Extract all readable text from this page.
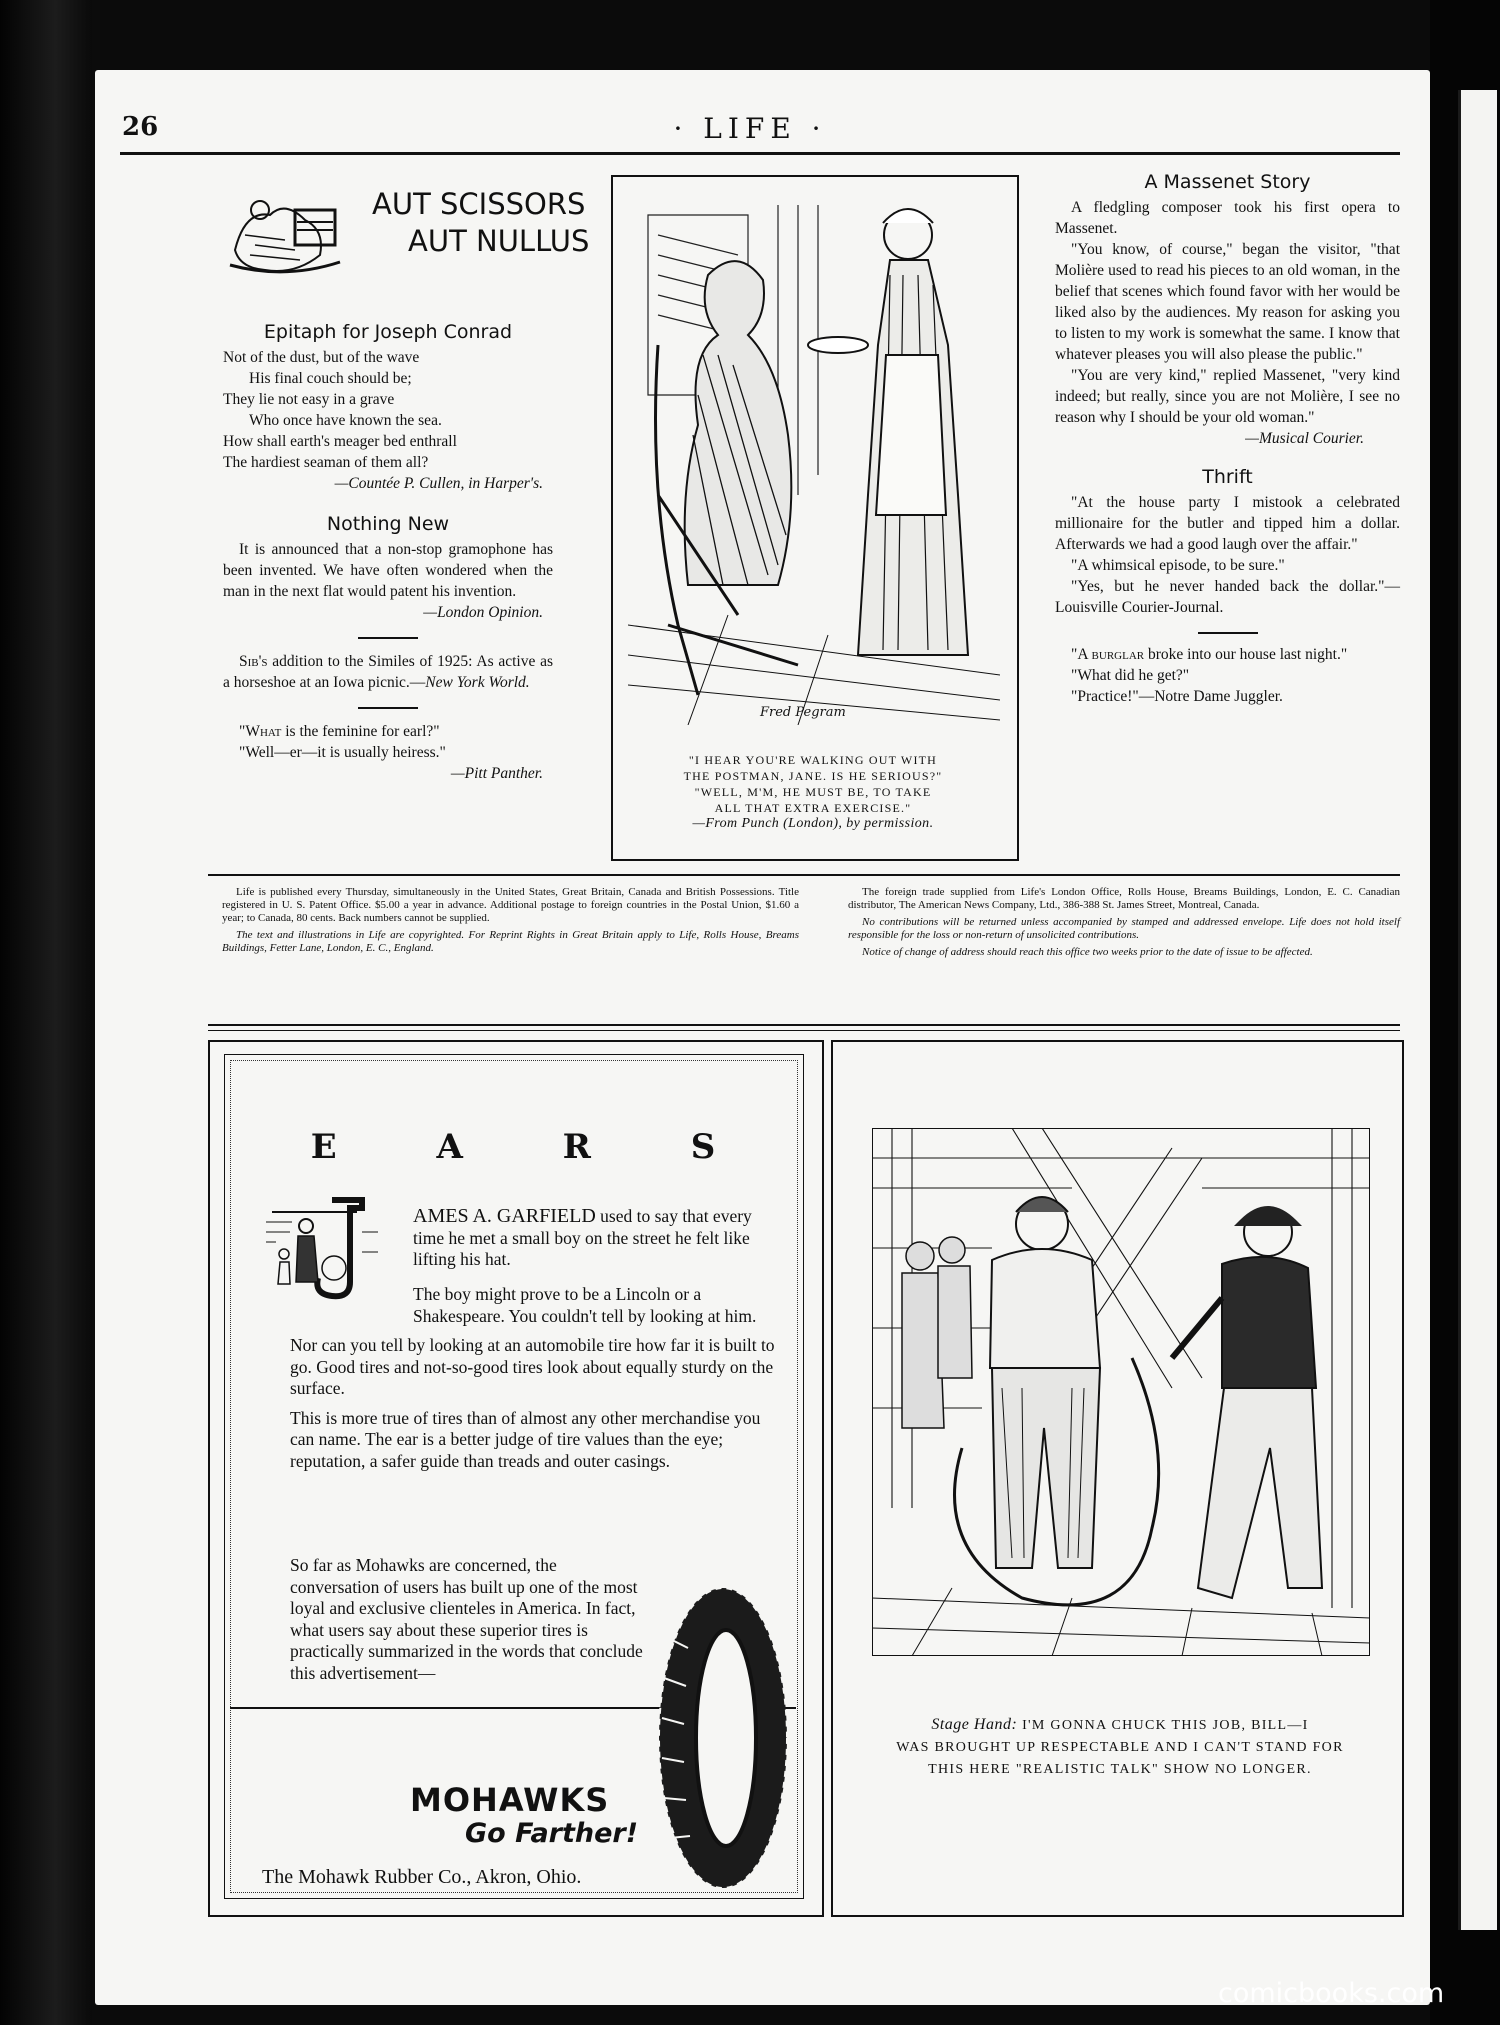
26	· LIFE ·
AUT SCISSORS
AUT NULLUS
Epitaph for Joseph Conrad
Not of the dust, but of the wave
His final couch should be;
They lie not easy in a grave
Who once have known the sea.
How shall earth's meager bed enthrall
The hardiest seaman of them all?

—Countée P. Cullen, in Harper's.

Nothing New

It is announced that a non-stop gramophone has been invented. We have often wondered when the man in the next flat would patent his invention.

—London Opinion.

Sib's addition to the Similes of 1925: As active as a horseshoe at an Iowa picnic.—New York World.

"What is the feminine for earl?"

"Well—er—it is usually heiress."

—Pitt Panther.

Fred Pegram
"I HEAR YOU'RE WALKING OUT WITH
THE POSTMAN, JANE. IS HE SERIOUS?"
"WELL, M'M, HE MUST BE, TO TAKE
ALL THAT EXTRA EXERCISE."
—From Punch (London), by permission.
A Massenet Story

A fledgling composer took his first opera to Massenet.

"You know, of course," began the visitor, "that Molière used to read his pieces to an old woman, in the belief that scenes which found favor with her would be liked also by the audiences. My reason for asking you to listen to my work is somewhat the same. I know that whatever pleases you will also please the public."

"You are very kind," replied Massenet, "very kind indeed; but really, since you are not Molière, I see no reason why I should be your old woman."

—Musical Courier.

Thrift

"At the house party I mistook a celebrated millionaire for the butler and tipped him a dollar. Afterwards we had a good laugh over the affair."

"A whimsical episode, to be sure."

"Yes, but he never handed back the dollar."—Louisville Courier-Journal.

"A burglar broke into our house last night."

"What did he get?"

"Practice!"—Notre Dame Juggler.

Life is published every Thursday, simultaneously in the United States, Great Britain, Canada and British Possessions. Title registered in U. S. Patent Office. $5.00 a year in advance. Additional postage to foreign countries in the Postal Union, $1.60 a year; to Canada, 80 cents. Back numbers cannot be supplied.

The text and illustrations in Life are copyrighted. For Reprint Rights in Great Britain apply to Life, Rolls House, Breams Buildings, Fetter Lane, London, E. C., England.

The foreign trade supplied from Life's London Office, Rolls House, Breams Buildings, London, E. C. Canadian distributor, The American News Company, Ltd., 386-388 St. James Street, Montreal, Canada.

No contributions will be returned unless accompanied by stamped and addressed envelope. Life does not hold itself responsible for the loss or non-return of unsolicited contributions.

Notice of change of address should reach this office two weeks prior to the date of issue to be affected.

E A R S
AMES A. GARFIELD used to say that every time he met a small boy on the street he felt like lifting his hat.

The boy might prove to be a Lincoln or a Shakespeare. You couldn't tell by looking at him.

Nor can you tell by looking at an automobile tire how far it is built to go. Good tires and not-so-good tires look about equally sturdy on the surface.

This is more true of tires than of almost any other merchandise you can name. The ear is a better judge of tire values than the eye; reputation, a safer guide than treads and outer casings.

So far as Mohawks are concerned, the conversation of users has built up one of the most loyal and exclusive clienteles in America. In fact, what users say about these superior tires is practically summarized in the words that conclude this advertisement—
MOHAWKS
Go Farther!
The Mohawk Rubber Co., Akron, Ohio.
Stage Hand: I'M GONNA CHUCK THIS JOB, BILL—I
WAS BROUGHT UP RESPECTABLE AND I CAN'T STAND FOR
THIS HERE "REALISTIC TALK" SHOW NO LONGER.
comicbooks.com
